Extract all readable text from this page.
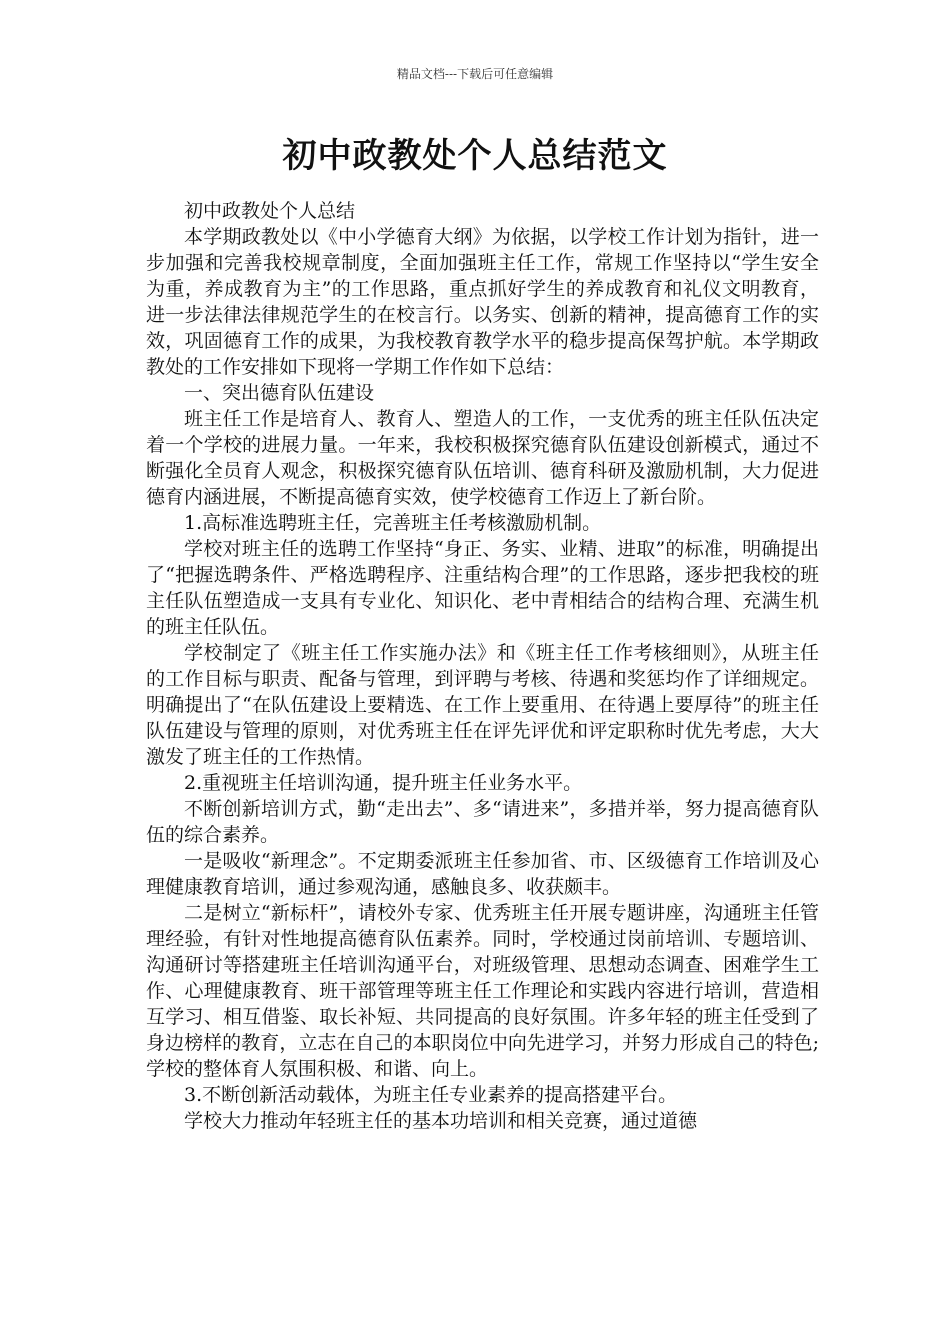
精品文档---下载后可任意编辑
初中政教处个人总结范文

初中政教处个人总结

本学期政教处以《中小学德育大纲》为依据，以学校工作计划为指针，进一步加强和完善我校规章制度，全面加强班主任工作，常规工作坚持以“学生安全为重，养成教育为主”的工作思路，重点抓好学生的养成教育和礼仪文明教育，进一步法律法律规范学生的在校言行。以务实、创新的精神，提高德育工作的实效，巩固德育工作的成果，为我校教育教学水平的稳步提高保驾护航。本学期政教处的工作安排如下现将一学期工作作如下总结：

一、突出德育队伍建设

班主任工作是培育人、教育人、塑造人的工作，一支优秀的班主任队伍决定着一个学校的进展力量。一年来，我校积极探究德育队伍建设创新模式，通过不断强化全员育人观念，积极探究德育队伍培训、德育科研及激励机制，大力促进德育内涵进展，不断提高德育实效，使学校德育工作迈上了新台阶。

1.高标准选聘班主任，完善班主任考核激励机制。

学校对班主任的选聘工作坚持“身正、务实、业精、进取”的标准，明确提出了“把握选聘条件、严格选聘程序、注重结构合理”的工作思路，逐步把我校的班主任队伍塑造成一支具有专业化、知识化、老中青相结合的结构合理、充满生机的班主任队伍。

学校制定了《班主任工作实施办法》和《班主任工作考核细则》，从班主任的工作目标与职责、配备与管理，到评聘与考核、待遇和奖惩均作了详细规定。明确提出了“在队伍建设上要精选、在工作上要重用、在待遇上要厚待”的班主任队伍建设与管理的原则，对优秀班主任在评先评优和评定职称时优先考虑，大大激发了班主任的工作热情。

2.重视班主任培训沟通，提升班主任业务水平。

不断创新培训方式，勤“走出去”、多“请进来”，多措并举，努力提高德育队伍的综合素养。

一是吸收“新理念”。不定期委派班主任参加省、市、区级德育工作培训及心理健康教育培训，通过参观沟通，感触良多、收获颇丰。

二是树立“新标杆”，请校外专家、优秀班主任开展专题讲座，沟通班主任管理经验，有针对性地提高德育队伍素养。同时，学校通过岗前培训、专题培训、沟通研讨等搭建班主任培训沟通平台，对班级管理、思想动态调查、困难学生工作、心理健康教育、班干部管理等班主任工作理论和实践内容进行培训，营造相互学习、相互借鉴、取长补短、共同提高的良好氛围。许多年轻的班主任受到了身边榜样的教育，立志在自己的本职岗位中向先进学习，并努力形成自己的特色;学校的整体育人氛围积极、和谐、向上。

3.不断创新活动载体，为班主任专业素养的提高搭建平台。

学校大力推动年轻班主任的基本功培训和相关竞赛，通过道德
